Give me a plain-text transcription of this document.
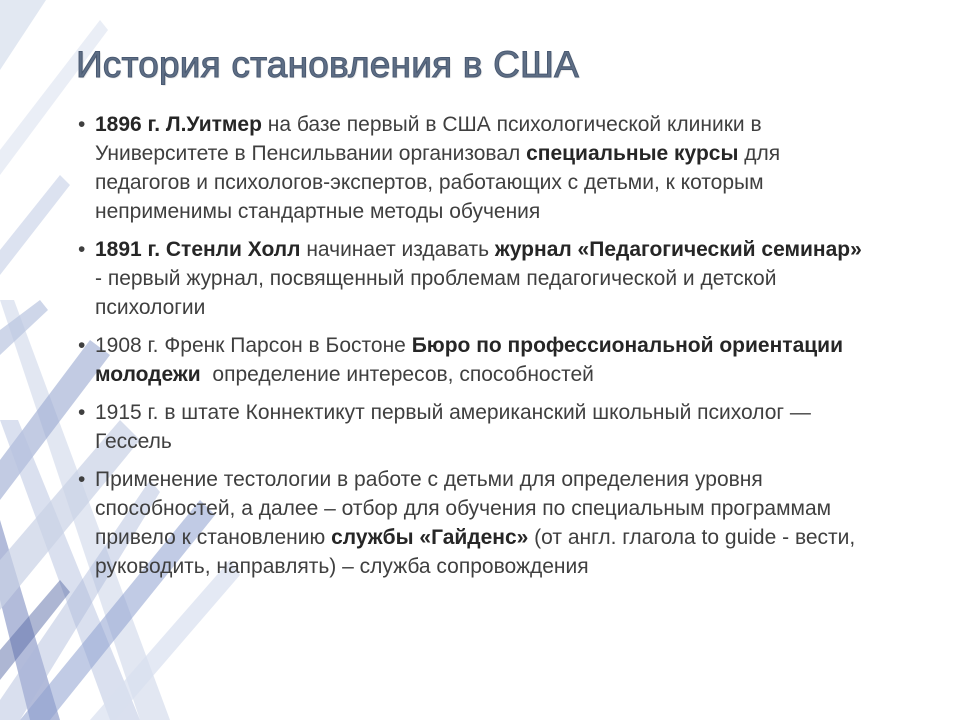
История становления в США
• 1896 г. Л.Уитмер на базе первый в США психологической клиники в Университете в Пенсильвании организовал специальные курсы для педагогов и психологов-экспертов, работающих с детьми, к которым неприменимы стандартные методы обучения
• 1891 г. Стенли Холл начинает издавать журнал «Педагогический семинар» - первый журнал, посвященный проблемам педагогической и детской психологии
• 1908 г. Френк Парсон в Бостоне Бюро по профессиональной ориентации молодежи  определение интересов, способностей
• 1915 г. в штате Коннектикут первый американский школьный психолог — Гессель
• Применение тестологии в работе с детьми для определения уровня способностей, а далее – отбор для обучения по специальным программам привело к становлению службы «Гайденс» (от англ. глагола to guide - вести, руководить, направлять) – служба сопровождения
